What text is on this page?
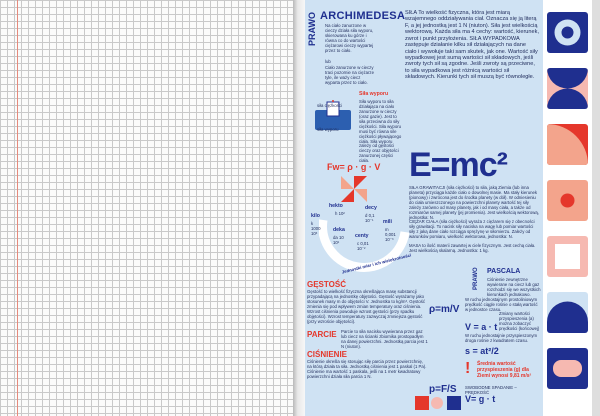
PRAWO ARCHIMEDESA
Na ciało zanurzone w cieczy działa siła wyporu, skierowana ku górze i równa co do wartości ciężarowi cieczy wypartej przez to ciało.
lub
Ciało zanurzone w cieczy traci pozornie na ciężarze tyle, ile waży ciecz wyparta przez to ciało.
siła wyporu
siła ciężkości
Siła wyporu
Siła wyporu to siła działająca na ciało zanurzone w cieczy (oraz gazie). Jest to siła przeciwna do siły ciężkości. Siła wyporu musi być równa sile ciężkości pływającego ciała. Siła wyporu zależy od gęstości cieczy oraz objętości zanurzonej części ciała.
Fw= ρ · g · V
SIŁA To wielkość fizyczna, która jest miarą wzajemnego oddziaływania ciał. Oznacza się ją literą F, a jej jednostką jest 1 N (niuton). Siła jest wielkością wektorową. Każda siła ma 4 cechy: wartość, kierunek, zwrot i punkt przyłożenia. SIŁA WYPADKOWA zastępuje działanie kilku sił działających na dane ciało i wywołuje taki sam skutek, jak one. Wartość siły wypadkowej jest sumą wartości sił składowych, jeśli zwroty tych sił są zgodne. Jeśli zwroty są przeciwne, to siła wypadkowa jest różnicą wartości sił składowych. Kierunki tych sił muszą być równoległe.
E=mc²
SIŁA GRAWITACJI (siła ciężkości) to siła, jaką Ziemia (lub inna planeta) przyciąga każde ciało o dowolnej masie. Ma stały kierunek (pionowy) i zwrócona jest do środka planety (w dół). W odniesieniu do ciała umieszczonego na powierzchni planety wartość tej siły zależy zarówno od masy planety, jak i od masy ciała, a także od rozmiarów samej planety (jej promienia). Jest wielkością wektorową, jednostka: N.
CIĘŻAR CIAŁA (siła ciężkości) wyraża z ciężarem się z obecności siły grawitacji. To nacisk siły naciska na wagę lub pomiar wartości siły z jaką dane ciało rozciąga sprężynę w siłomierzu. Zależy od warunków pomiaru, wielkość wektorowa, jednostka: N.
MASA to ilość materii zawartej w ciele fizycznym. Jest cechą ciała. Jest wielkością skalarną. Jednostka: 1 kg.
hekto
h 10²
kilo
k 1000 10³
deka
da 10 10¹
decy
d 0,1 10⁻¹
centy
c 0,01 10⁻²
mili
m 0,001 10⁻³
Jednostki miar i ich wielokrotności
GĘSTOŚĆ
Gęstość to wielkość fizyczna określająca masę substancji przypadającą na jednostkę objętości. Gęstość wyrażamy jako stosunek masy m do objętości V. Jednostka to kg/m³. Gęstość zmienia się pod wpływem zmian temperatury oraz ciśnienia. Wzrost ciśnienia powoduje wzrost gęstości (przy spadku objętości). Wzrost temperatury zazwyczaj zmniejsza gęstość (przy wzroście objętości).
ρ=m/V
PARCIE Parcie to siła nacisku wywierana przez gaz lub ciecz na ścianki zbiornika prostopadłym na danej powierzchni. Jednostką parcia jest 1 N (niuton).
CIŚNIENIE
Ciśnienie określa się stosując siłę parcia przez powierzchnię, na którą działa ta siła. Jednostką ciśnienia jest 1 paskal (1 Pa). Ciśnienie ma wartość 1 paskala, jeśli na 1 metr kwadratowy powierzchni działa siła parcia 1 N.
p=F/S
PRAWO PASCALA
Ciśnienie zewnętrzne wywierane na ciecz lub gaz rozchodzi się we wszystkich kierunkach jednakowo.
W ruchu jednostajnym prostoliniowym prędkość ciągle rośnie o stałą wartość w jednostce czasu.
Zmiany wartości przyspieszenia (a) można zobaczyć prędkości (końcowej)
V = a · t
W ruchu jednostajnie przyspieszonym droga rośnie z kwadratem czasu.
s = at²/2
Średnia wartość przyspieszenia (g) dla Ziemi wynosi 9,81 m/s²
!
SWOBODNE SPADANIE – PRĘDKOŚĆ
V= g · t
